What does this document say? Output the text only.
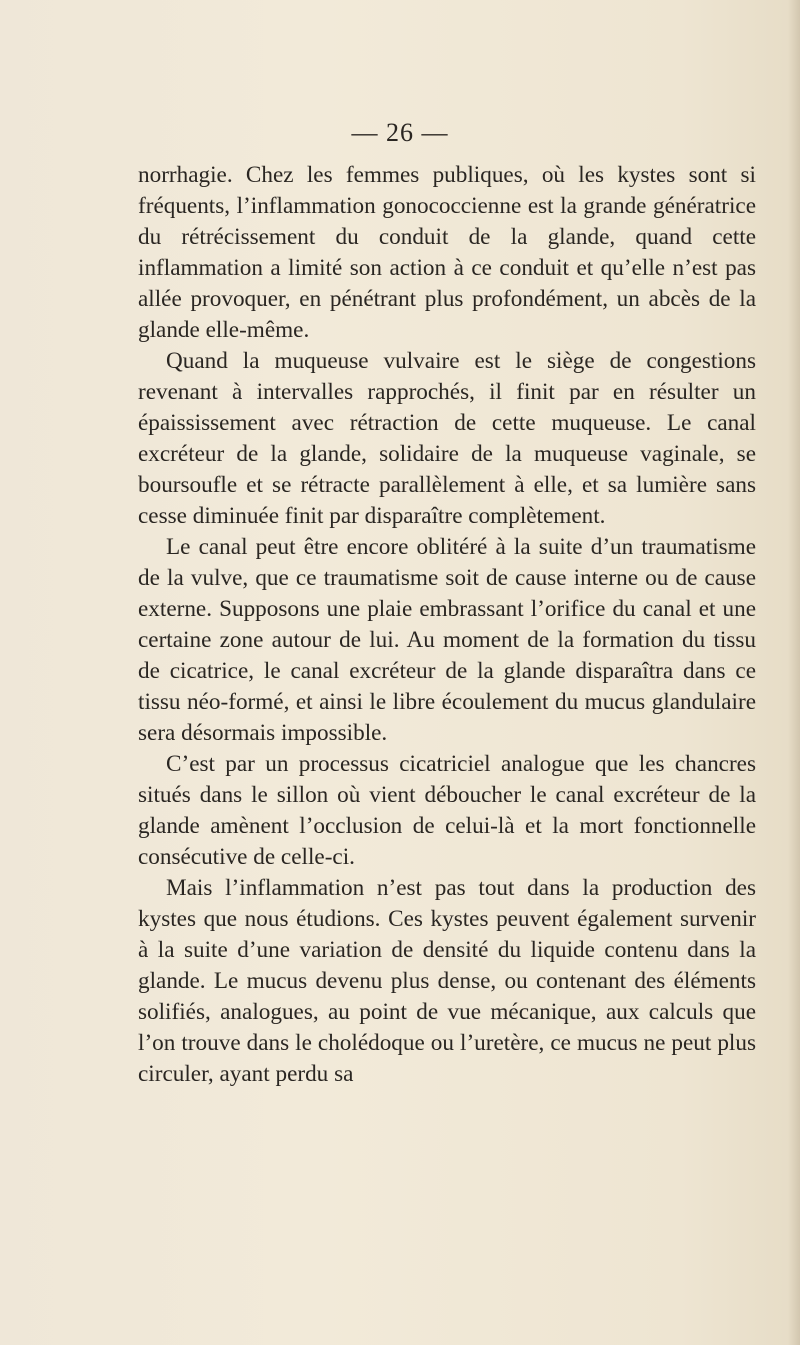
— 26 —

norrhagie. Chez les femmes publiques, où les kystes sont si fréquents, l’inflammation gonococcienne est la grande génératrice du rétrécissement du conduit de la glande, quand cette inflammation a limité son action à ce conduit et qu’elle n’est pas allée provoquer, en pénétrant plus profondément, un abcès de la glande elle-même.

Quand la muqueuse vulvaire est le siège de congestions revenant à intervalles rapprochés, il finit par en résulter un épaississement avec rétraction de cette muqueuse. Le canal excréteur de la glande, solidaire de la muqueuse vaginale, se boursoufle et se rétracte parallèlement à elle, et sa lumière sans cesse diminuée finit par disparaître complètement.

Le canal peut être encore oblitéré à la suite d’un traumatisme de la vulve, que ce traumatisme soit de cause interne ou de cause externe. Supposons une plaie embrassant l’orifice du canal et une certaine zone autour de lui. Au moment de la formation du tissu de cicatrice, le canal excréteur de la glande disparaîtra dans ce tissu néo-formé, et ainsi le libre écoulement du mucus glandulaire sera désormais impossible.

C’est par un processus cicatriciel analogue que les chancres situés dans le sillon où vient déboucher le canal excréteur de la glande amènent l’occlusion de celui-là et la mort fonctionnelle consécutive de celle-ci.

Mais l’inflammation n’est pas tout dans la production des kystes que nous étudions. Ces kystes peuvent également survenir à la suite d’une variation de densité du liquide contenu dans la glande. Le mucus devenu plus dense, ou contenant des éléments solifiés, analogues, au point de vue mécanique, aux calculs que l’on trouve dans le cholédoque ou l’uretère, ce mucus ne peut plus circuler, ayant perdu sa
